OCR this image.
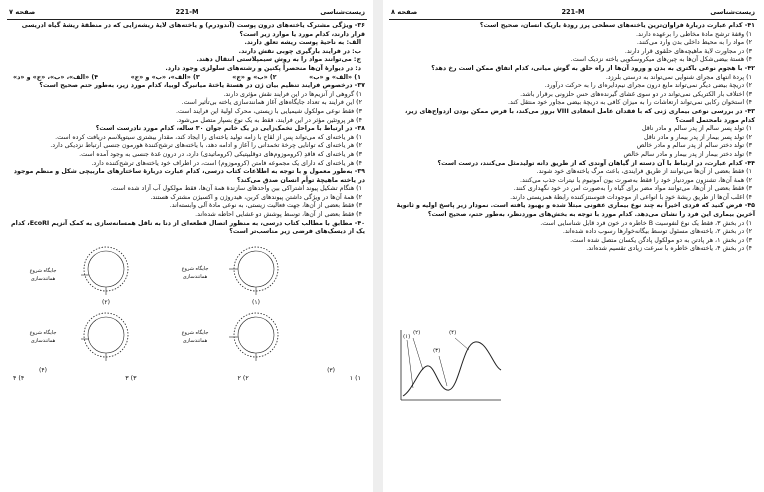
زیست‌شناسی
221-M
صفحه ۷
۳۶- ویژگی مشترک یاخته‌های درون پوست (آندودرم) و یاخته‌های لایهٔ ریشه‌زایی که در منطقهٔ ریشهٔ گیاه ادریسی قرار دارند، کدام مورد یا موارد زیر است؟
الف: به ناحیهٔ پوست ریشه تعلق دارند.
ب: در فرایند بارگیری چوبی نقش دارند.
ج: می‌توانند مواد را به روش سیمپلاستی انتقال دهند.
د: در دیوارهٔ آن‌ها منحصراً پکتین و رشته‌های سلولزی وجود دارد.
۱) «الف» و «ب»
۲) «ب» و «ج»
۳) «الف»، «ب» و «ج»
۴) «الف»، «ب»، «ج» و «د»
۳۷- درخصوص فرایند تنظیم بیان ژن در هستهٔ یاختهٔ میانبرگ لوبیا، کدام مورد زیر، به‌طور حتم صحیح است؟
۱) گروهی از آنزیم‌ها در این فرایند نقش مؤثری دارند.
۲) این فرایند به تعداد جایگاه‌های آغاز همانندسازی یاخته بی‌تأثیر است.
۳) فقط نوعی مولکول شیمیایی با زیستی، محرک اولیهٔ این فرایند است.
۴) هر پروتئین مؤثر در این فرایند، فقط به یک نوع بسپار متصل می‌شود.
۳۸- در ارتباط با مراحل تخمک‌زایی در یک خانم جوان ۳۰ ساله، کدام مورد نادرست است؟
۱) هر یاخته‌ای که می‌تواند پس از لقاح با زامه تولید یاخته‌ای را ایجاد کند، مقدار بیشتری سیتوپلاسم دریافت کرده است.
۲) هر یاخته‌ای که توانایی چرخهٔ تخمدانی را آغاز و ادامه دهد، با یاخته‌های ترشح‌کنندهٔ هورمون جنسی ارتباط نزدیکی دارد.
۳) هر یاخته‌ای که فاقدِ (کروموزوم‌های دوقلیپتیکی (کروماتیدی) دارد، در درون غدهٔ جنسی به وجود آمده است.
۴) هر یاخته‌ای که دارای یک مجموعه فامتن (کروموزوم) است، در اطراف خود یاخته‌های ترشح‌کننده دارد.
۳۹- به‌طور معمول و با توجه به اطلاعات کتاب درسی، کدام عبارت دربارهٔ ساختارهای ماربیچی شکل و منظم موجود در یاخته ماهیچهٔ توأم انسان صدق می‌کند؟
۱) هنگام تشکیل پیوند اشتراکی بین واحدهای سازندهٔ همهٔ آن‌ها، فقط مولکول آب آزاد شده است.
۲) همهٔ آن‌ها در ویژگی داشتن پیوندهای کربن، هیدروژن و اکسیژن مشترک هستند.
۳) فقط بعضی از آن‌ها، جهت فعالیت زیستی، به نوعی مادهٔ آلی وابسته‌اند.
۴) فقط بعضی از آن‌ها، توسط پوشش دو غشایی احاطه شده‌اند.
۴۰- مطابق با مطالب کتاب درسی، به منظور اتصال قطعه‌ای از دنا به ناقل همسانه‌سازی به کمک آنزیم EcoRI، کدام یک از دیسک‌های فرضی زیر مناسب‌تر است؟
(۲)
جایگاه شروع همانندسازی
(۱)
جایگاه شروع همانندسازی
جایگاه شروع همانندسازی
جایگاه شروع همانندسازی
(۳)
(۴)
۱) ۱
۲) ۲
۳) ۳
۴) ۴
زیست‌شناسی
221-M
صفحه ۸
۴۱- کدام عبارت دربارهٔ فراوان‌ترین یاخته‌های سطحی پرز رودهٔ باریک انسان، صحیح است؟
۱) وقفهٔ ترشح مادهٔ مخاطی را برعهده دارند.
۲) مواد را به محیط داخلی بدن وارد می‌کنند.
۳) در مجاورت لایهٔ ماهیچه‌های حلقوی قرار دارند.
۴) هستهٔ بیضی‌شکل آن‌ها به چین‌های میکروسکوپی یاخته نزدیک است.
۴۲- با هجوم نوعی باکتری به بدن و ورود آن‌ها از راه حلق به گوش میانی، کدام اتفاق ممکن است رخ دهد؟
۱) پردهٔ انتهای مجرای شنوایی نمی‌تواند به درستی بلرزد.
۲) دریچهٔ بیضی دیگر نمی‌تواند مایع درون مجرای نیم‌دایره‌ای را به حرکت درآورد.
۳) اختلاف بار الکتریکی نمی‌تواند در دو سوی غشای گیرنده‌های حس حلزونی برقرار باشد.
۴) استخوان رکابی نمی‌تواند ارتعاشات را به میزان کافی به دریچهٔ بیضی مجاور خود منتقل کند.
۴۳- در بررسی نوعی بیماری ژنی که با فقدان عامل انعقادی VIII بروز می‌کند، با فرض ممکن بودن ازدواج‌های زیر، کدام مورد نامحتمل است؟
۱) تولد پسر سالم از پدر سالم و مادر ناقل
۲) تولد پسر بیمار از پدر بیمار و مادر ناقل
۳) تولد دختر سالم از پدر سالم و مادر خالص
۴) تولد دختر بیمار از پدر بیمار و مادر سالم خالص
۴۴- کدام عبارت، در ارتباط با آن دسته از گیاهان آوندی که از طریق دانه تولیدمثل می‌کنند، درست است؟
۱) فقط بعضی از آن‌ها می‌توانند از طریق فرایندی، باعث مرگ یاخته‌های خود شوند.
۲) همهٔ آن‌ها، تشنزون موردنیاز خود را فقط به‌صورت یون آمونیوم یا نیترات جذب می‌کنند.
۳) فقط بعضی از آن‌ها، می‌توانند مواد مضر برای گیاه را به‌صورت امن در خود نگهداری کنند.
۴) اغلب آن‌ها از طریق ریشهٔ خود با انواعی از موجودات فتوسنتزکننده رابطهٔ همزیستی دارند.
۴۵- فرض کنید که فردی اخیراً به چند نوع بیماری عفونی مبتلا شده و بهبود یافته است. نمودار زیر پاسخ اولیه و ثانویهٔ آخرین بیماری این فرد را نشان می‌دهد. کدام مورد با توجه به بخش‌های موردنظر، به‌طور حتم، صحیح است؟
۱) در بخش ۳، فقط یک نوع لنفوسیت B خاطره در خون فرد قابل شناسایی است.
۲) در بخش ۲، یاخته‌های مسئول توسط بیگانه‌خوارها رسوب داده شده‌اند.
۳) در بخش ۱، هر پادتن به دو مولکول پادگن یکسان متصل شده است.
۴) در بخش ۴، یاخته‌های خاطره با سرعت زیادی تقسیم شده‌اند.
(۱)
(۲)
(۳)
(۴)
